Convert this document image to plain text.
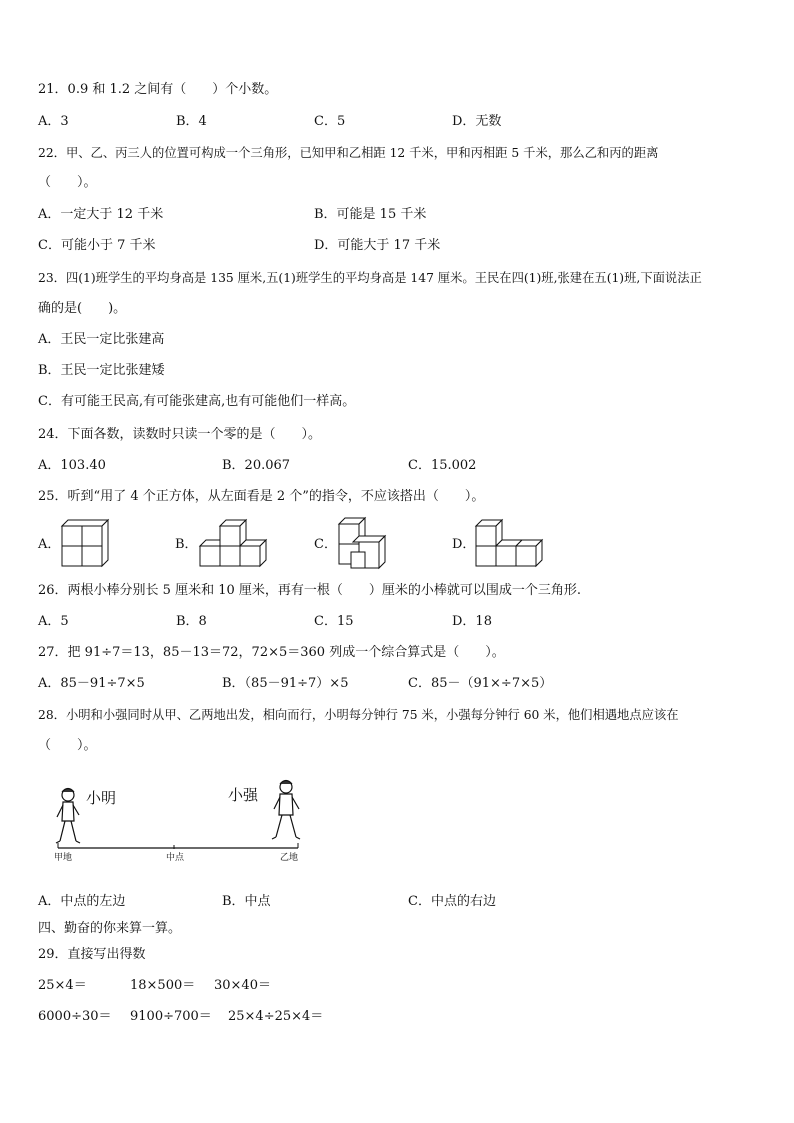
21．0.9 和 1.2 之间有（　　）个小数。
A．3	B．4	C．5	D．无数
22．甲、乙、丙三人的位置可构成一个三角形，已知甲和乙相距 12 千米，甲和丙相距 5 千米，那么乙和丙的距离
（　　）。
A．一定大于 12 千米	B．可能是 15 千米
C．可能小于 7 千米	D．可能大于 17 千米
23．四(1)班学生的平均身高是 135 厘米,五(1)班学生的平均身高是 147 厘米。王民在四(1)班,张建在五(1)班,下面说法正
确的是(　　)。
A．王民一定比张建高
B．王民一定比张建矮
C．有可能王民高,有可能张建高,也有可能他们一样高。
24．下面各数，读数时只读一个零的是（　　）。
A．103.40	B．20.067	C．15.002
25．听到“用了 4 个正方体，从左面看是 2 个”的指令，不应该搭出（　　）。
A．	B．	C．	D．
26．两根小棒分别长 5 厘米和 10 厘米，再有一根（　　）厘米的小棒就可以围成一个三角形.
A．5	B．8	C．15	D．18
27．把 91÷7＝13，85－13＝72，72×5＝360 列成一个综合算式是（　　）。
A．85－91÷7×5	B．（85－91÷7）×5	C．85－（91×÷7×5）
28．小明和小强同时从甲、乙两地出发，相向而行，小明每分钟行 75 米，小强每分钟行 60 米，他们相遇地点应该在
（　　）。
小明	小强
甲地	中点	乙地
A．中点的左边	B．中点	C．中点的右边
四、勤奋的你来算一算。
29．直接写出得数
25×4＝	18×500＝ 30×40＝
6000÷30＝ 9100÷700＝ 25×4÷25×4＝
